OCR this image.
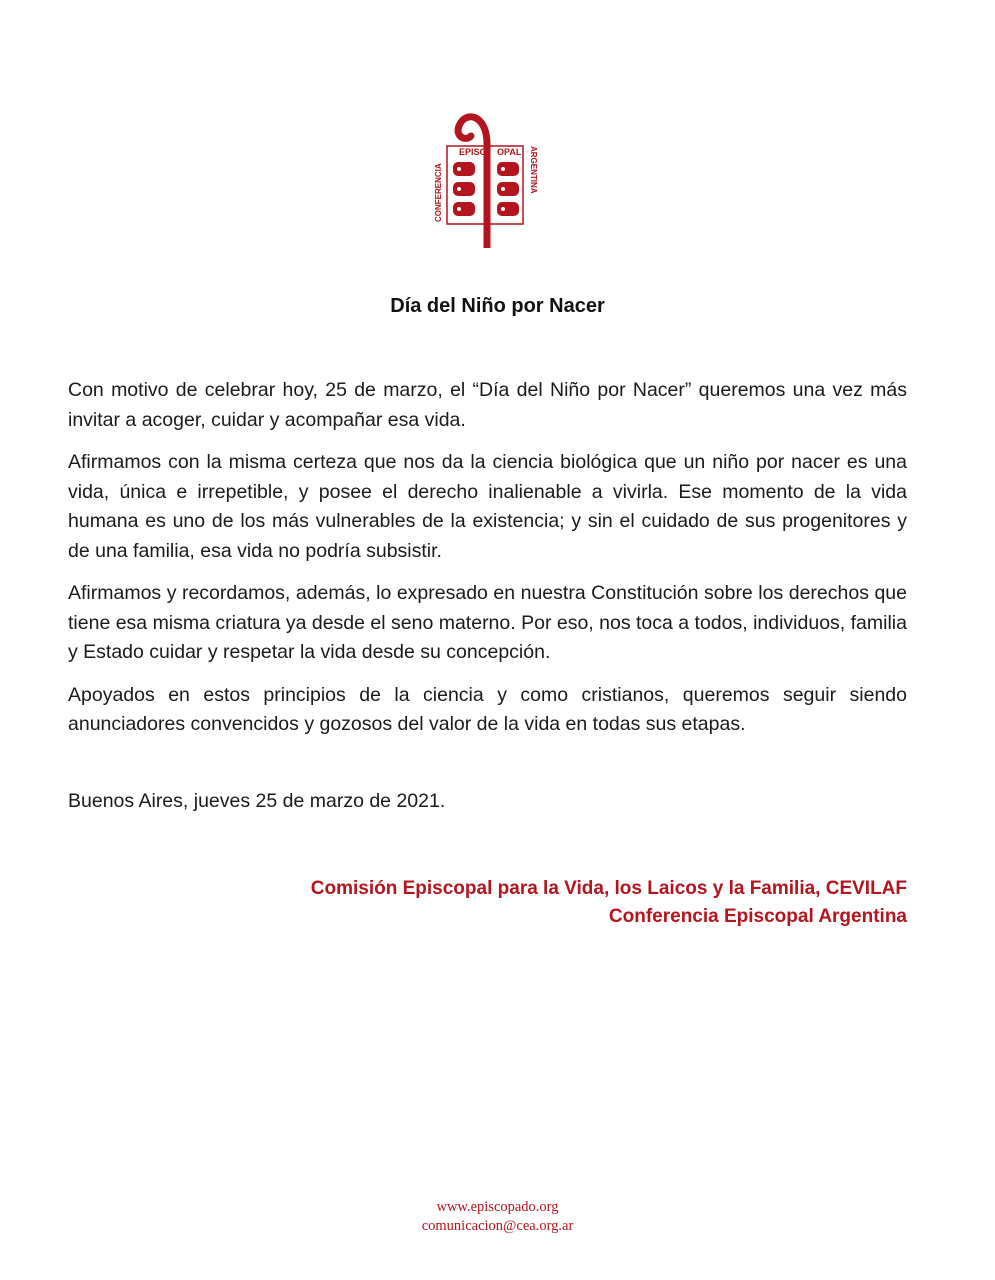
EPISC OPAL
CONFERENCIA	ARGENTINA
Día del Niño por Nacer

Con motivo de celebrar hoy, 25 de marzo, el “Día del Niño por Nacer” queremos una vez más invitar a acoger, cuidar y acompañar esa vida.

Afirmamos con la misma certeza que nos da la ciencia biológica que un niño por nacer es una vida, única e irrepetible, y posee el derecho inalienable a vivirla. Ese momento de la vida humana es uno de los más vulnerables de la existencia; y sin el cuidado de sus progenitores y de una familia, esa vida no podría subsistir.

Afirmamos y recordamos, además, lo expresado en nuestra Constitución sobre los derechos que tiene esa misma criatura ya desde el seno materno. Por eso, nos toca a todos, individuos, familia y Estado cuidar y respetar la vida desde su concepción.

Apoyados en estos principios de la ciencia y como cristianos, queremos seguir siendo anunciadores convencidos y gozosos del valor de la vida en todas sus etapas.

Buenos Aires, jueves 25 de marzo de 2021.
Comisión Episcopal para la Vida, los Laicos y la Familia, CEVILAF
Conferencia Episcopal Argentina
www.episcopado.org
comunicacion@cea.org.ar
